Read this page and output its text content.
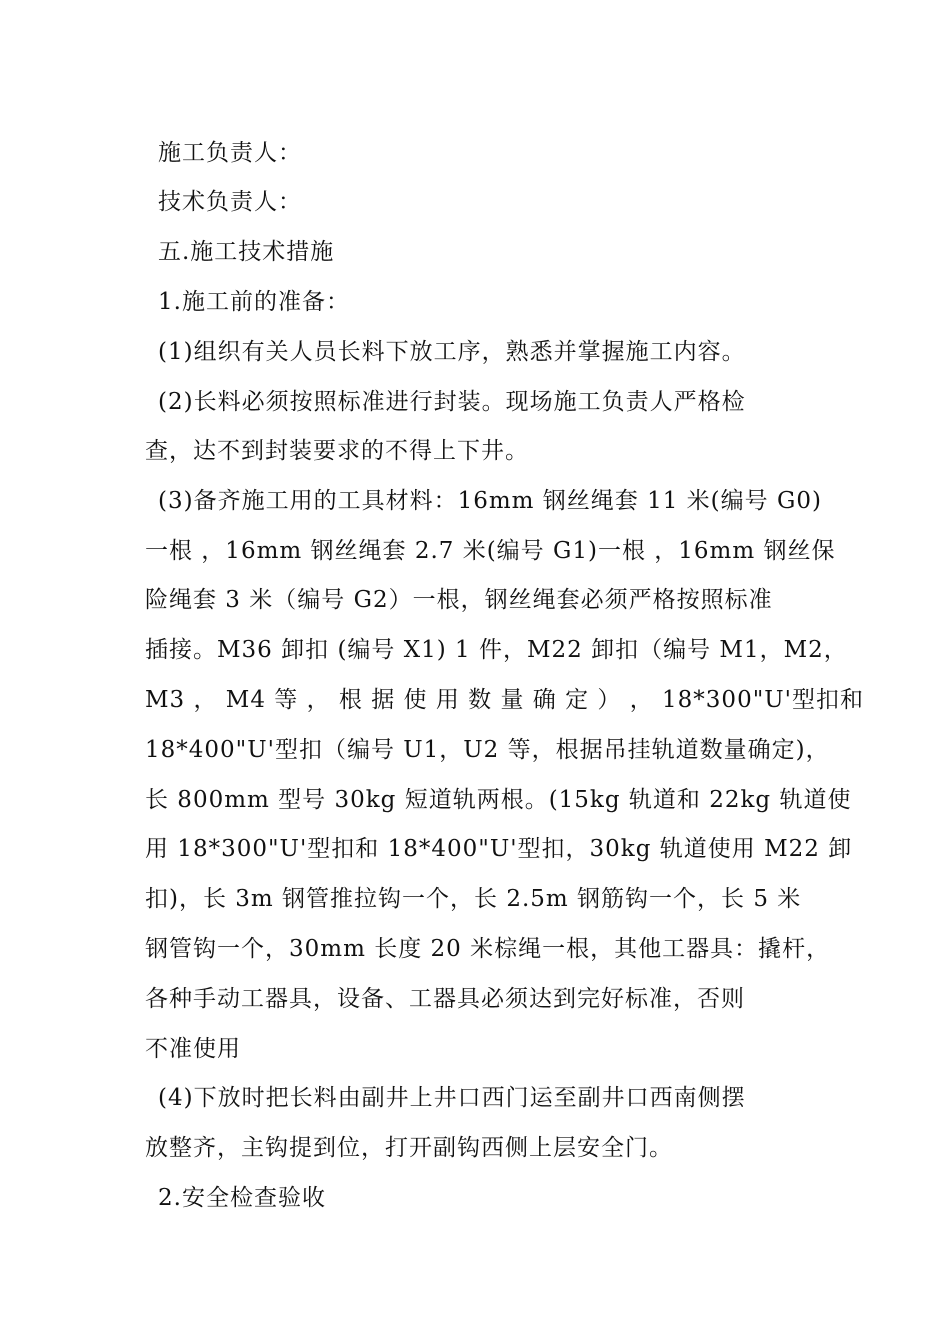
施工负责人：
技术负责人：
五.施工技术措施
1.施工前的准备：
(1)组织有关人员长料下放工序，熟悉并掌握施工内容。
(2)长料必须按照标准进行封装。现场施工负责人严格检
查，达不到封装要求的不得上下井。
(3)备齐施工用的工具材料：16mm 钢丝绳套 11 米(编号 G0)
一根 ，16mm 钢丝绳套 2.7 米(编号 G1)一根 ，16mm 钢丝保
险绳套 3 米（编号 G2）一根，钢丝绳套必须严格按照标准
插接。M36 卸扣 (编号 X1) 1 件，M22 卸扣（编号 M1，M2，
M3 ， M4 等 ， 根 据 使 用 数 量 确 定 ） ， 18*300"U'型扣和
18*400"U'型扣（编号 U1，U2 等，根据吊挂轨道数量确定)，
长 800mm 型号 30kg 短道轨两根。(15kg 轨道和 22kg 轨道使
用 18*300"U'型扣和 18*400"U'型扣，30kg 轨道使用 M22 卸
扣)，长 3m 钢管推拉钩一个，长 2.5m 钢筋钩一个，长 5 米
钢管钩一个，30mm 长度 20 米棕绳一根，其他工器具：撬杆，
各种手动工器具，设备、工器具必须达到完好标准，否则
不准使用
(4)下放时把长料由副井上井口西门运至副井口西南侧摆
放整齐，主钩提到位，打开副钩西侧上层安全门。
2.安全检查验收
